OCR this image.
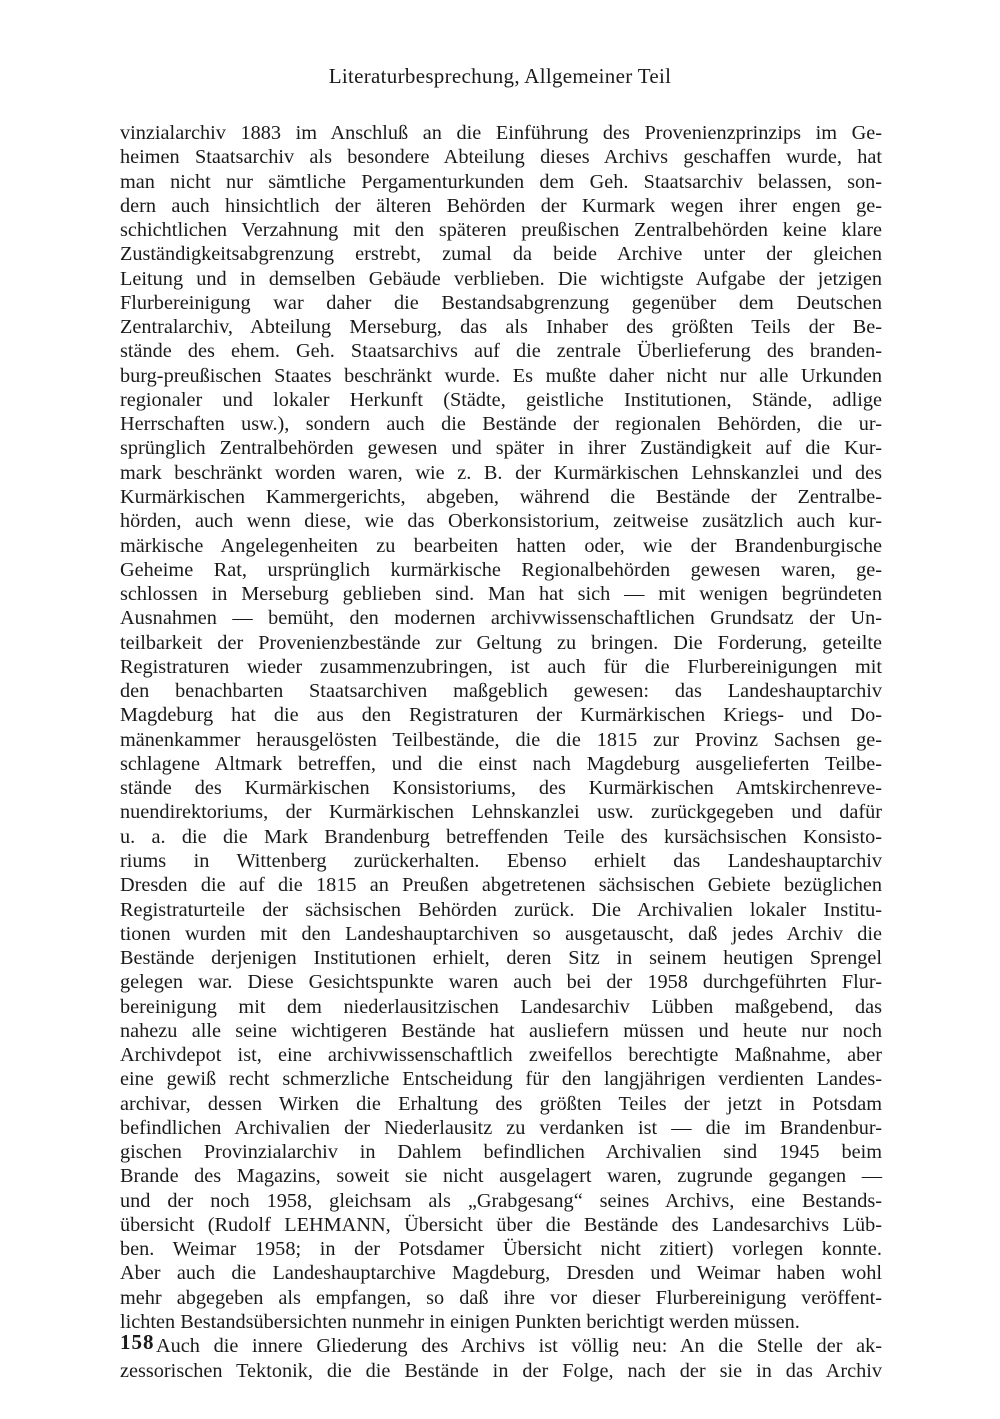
Literaturbesprechung, Allgemeiner Teil
vinzialarchiv 1883 im Anschluß an die Einführung des Provenienzprinzips im Ge-
heimen Staatsarchiv als besondere Abteilung dieses Archivs geschaffen wurde, hat
man nicht nur sämtliche Pergamenturkunden dem Geh. Staatsarchiv belassen, son-
dern auch hinsichtlich der älteren Behörden der Kurmark wegen ihrer engen ge-
schichtlichen Verzahnung mit den späteren preußischen Zentralbehörden keine klare
Zuständigkeitsabgrenzung erstrebt, zumal da beide Archive unter der gleichen
Leitung und in demselben Gebäude verblieben. Die wichtigste Aufgabe der jetzigen
Flurbereinigung war daher die Bestandsabgrenzung gegenüber dem Deutschen
Zentralarchiv, Abteilung Merseburg, das als Inhaber des größten Teils der Be-
stände des ehem. Geh. Staatsarchivs auf die zentrale Überlieferung des branden-
burg-preußischen Staates beschränkt wurde. Es mußte daher nicht nur alle Urkunden
regionaler und lokaler Herkunft (Städte, geistliche Institutionen, Stände, adlige
Herrschaften usw.), sondern auch die Bestände der regionalen Behörden, die ur-
sprünglich Zentralbehörden gewesen und später in ihrer Zuständigkeit auf die Kur-
mark beschränkt worden waren, wie z. B. der Kurmärkischen Lehnskanzlei und des
Kurmärkischen Kammergerichts, abgeben, während die Bestände der Zentralbe-
hörden, auch wenn diese, wie das Oberkonsistorium, zeitweise zusätzlich auch kur-
märkische Angelegenheiten zu bearbeiten hatten oder, wie der Brandenburgische
Geheime Rat, ursprünglich kurmärkische Regionalbehörden gewesen waren, ge-
schlossen in Merseburg geblieben sind. Man hat sich — mit wenigen begründeten
Ausnahmen — bemüht, den modernen archivwissenschaftlichen Grundsatz der Un-
teilbarkeit der Provenienzbestände zur Geltung zu bringen. Die Forderung, geteilte
Registraturen wieder zusammenzubringen, ist auch für die Flurbereinigungen mit
den benachbarten Staatsarchiven maßgeblich gewesen: das Landeshauptarchiv
Magdeburg hat die aus den Registraturen der Kurmärkischen Kriegs- und Do-
mänenkammer herausgelösten Teilbestände, die die 1815 zur Provinz Sachsen ge-
schlagene Altmark betreffen, und die einst nach Magdeburg ausgelieferten Teilbe-
stände des Kurmärkischen Konsistoriums, des Kurmärkischen Amtskirchenreve-
nuendirektoriums, der Kurmärkischen Lehnskanzlei usw. zurückgegeben und dafür
u. a. die die Mark Brandenburg betreffenden Teile des kursächsischen Konsisto-
riums in Wittenberg zurückerhalten. Ebenso erhielt das Landeshauptarchiv
Dresden die auf die 1815 an Preußen abgetretenen sächsischen Gebiete bezüglichen
Registraturteile der sächsischen Behörden zurück. Die Archivalien lokaler Institu-
tionen wurden mit den Landeshauptarchiven so ausgetauscht, daß jedes Archiv die
Bestände derjenigen Institutionen erhielt, deren Sitz in seinem heutigen Sprengel
gelegen war. Diese Gesichtspunkte waren auch bei der 1958 durchgeführten Flur-
bereinigung mit dem niederlausitzischen Landesarchiv Lübben maßgebend, das
nahezu alle seine wichtigeren Bestände hat ausliefern müssen und heute nur noch
Archivdepot ist, eine archivwissenschaftlich zweifellos berechtigte Maßnahme, aber
eine gewiß recht schmerzliche Entscheidung für den langjährigen verdienten Landes-
archivar, dessen Wirken die Erhaltung des größten Teiles der jetzt in Potsdam
befindlichen Archivalien der Niederlausitz zu verdanken ist — die im Brandenbur-
gischen Provinzialarchiv in Dahlem befindlichen Archivalien sind 1945 beim
Brande des Magazins, soweit sie nicht ausgelagert waren, zugrunde gegangen —
und der noch 1958, gleichsam als „Grabgesang“ seines Archivs, eine Bestands-
übersicht (Rudolf LEHMANN, Übersicht über die Bestände des Landesarchivs Lüb-
ben. Weimar 1958; in der Potsdamer Übersicht nicht zitiert) vorlegen konnte.
Aber auch die Landeshauptarchive Magdeburg, Dresden und Weimar haben wohl
mehr abgegeben als empfangen, so daß ihre vor dieser Flurbereinigung veröffent-
lichten Bestandsübersichten nunmehr in einigen Punkten berichtigt werden müssen.
Auch die innere Gliederung des Archivs ist völlig neu: An die Stelle der ak-
zessorischen Tektonik, die die Bestände in der Folge, nach der sie in das Archiv
158
